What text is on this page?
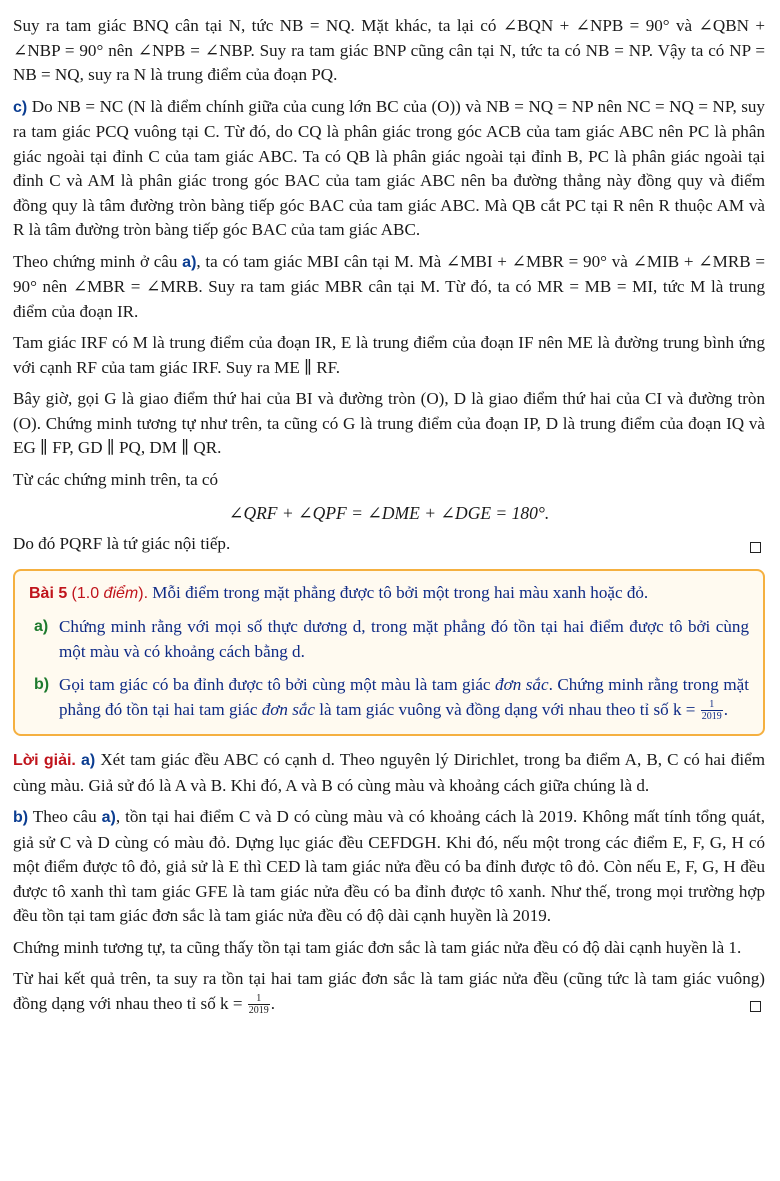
Suy ra tam giác BNQ cân tại N, tức NB = NQ. Mặt khác, ta lại có ∠BQN + ∠NPB = 90° và ∠QBN + ∠NBP = 90° nên ∠NPB = ∠NBP. Suy ra tam giác BNP cũng cân tại N, tức ta có NB = NP. Vậy ta có NP = NB = NQ, suy ra N là trung điểm của đoạn PQ.

c) Do NB = NC (N là điểm chính giữa của cung lớn BC của (O)) và NB = NQ = NP nên NC = NQ = NP, suy ra tam giác PCQ vuông tại C. Từ đó, do CQ là phân giác trong góc ACB của tam giác ABC nên PC là phân giác ngoài tại đỉnh C của tam giác ABC. Ta có QB là phân giác ngoài tại đỉnh B, PC là phân giác ngoài tại đỉnh C và AM là phân giác trong góc BAC của tam giác ABC nên ba đường thẳng này đồng quy và điểm đồng quy là tâm đường tròn bàng tiếp góc BAC của tam giác ABC. Mà QB cắt PC tại R nên R thuộc AM và R là tâm đường tròn bàng tiếp góc BAC của tam giác ABC.

Theo chứng minh ở câu a), ta có tam giác MBI cân tại M. Mà ∠MBI + ∠MBR = 90° và ∠MIB + ∠MRB = 90° nên ∠MBR = ∠MRB. Suy ra tam giác MBR cân tại M. Từ đó, ta có MR = MB = MI, tức M là trung điểm của đoạn IR.

Tam giác IRF có M là trung điểm của đoạn IR, E là trung điểm của đoạn IF nên ME là đường trung bình ứng với cạnh RF của tam giác IRF. Suy ra ME ∥ RF.

Bây giờ, gọi G là giao điểm thứ hai của BI và đường tròn (O), D là giao điểm thứ hai của CI và đường tròn (O). Chứng minh tương tự như trên, ta cũng có G là trung điểm của đoạn IP, D là trung điểm của đoạn IQ và EG ∥ FP, GD ∥ PQ, DM ∥ QR.

Từ các chứng minh trên, ta có

∠QRF + ∠QPF = ∠DME + ∠DGE = 180°.

Do đó PQRF là tứ giác nội tiếp.

Bài 5 (1.0 điểm). Mỗi điểm trong mặt phẳng được tô bởi một trong hai màu xanh hoặc đỏ.

a) Chứng minh rằng với mọi số thực dương d, trong mặt phẳng đó tồn tại hai điểm được tô bởi cùng một màu và có khoảng cách bằng d.

b) Gọi tam giác có ba đỉnh được tô bởi cùng một màu là tam giác đơn sắc. Chứng minh rằng trong mặt phẳng đó tồn tại hai tam giác đơn sắc là tam giác vuông và đồng dạng với nhau theo tỉ số $k = \frac{1}{2019}$ .

Lời giải. a) Xét tam giác đều ABC có cạnh d. Theo nguyên lý Dirichlet, trong ba điểm A, B, C có hai điểm cùng màu. Giả sử đó là A và B. Khi đó, A và B có cùng màu và khoảng cách giữa chúng là d.

b) Theo câu a), tồn tại hai điểm C và D có cùng màu và có khoảng cách là 2019. Không mất tính tổng quát, giả sử C và D cùng có màu đỏ. Dựng lục giác đều CEFDGH. Khi đó, nếu một trong các điểm E, F, G, H có một điểm được tô đỏ, giả sử là E thì CED là tam giác nửa đều có ba đỉnh được tô đỏ. Còn nếu E, F, G, H đều được tô xanh thì tam giác GFE là tam giác nửa đều có ba đỉnh được tô xanh. Như thế, trong mọi trường hợp đều tồn tại tam giác đơn sắc là tam giác nửa đều có độ dài cạnh huyền là 2019.

Chứng minh tương tự, ta cũng thấy tồn tại tam giác đơn sắc là tam giác nửa đều có độ dài cạnh huyền là 1.

Từ hai kết quả trên, ta suy ra tồn tại hai tam giác đơn sắc là tam giác nửa đều (cũng tức là tam giác vuông) đồng dạng với nhau theo tỉ số $k = \frac{1}{2019}$ .
